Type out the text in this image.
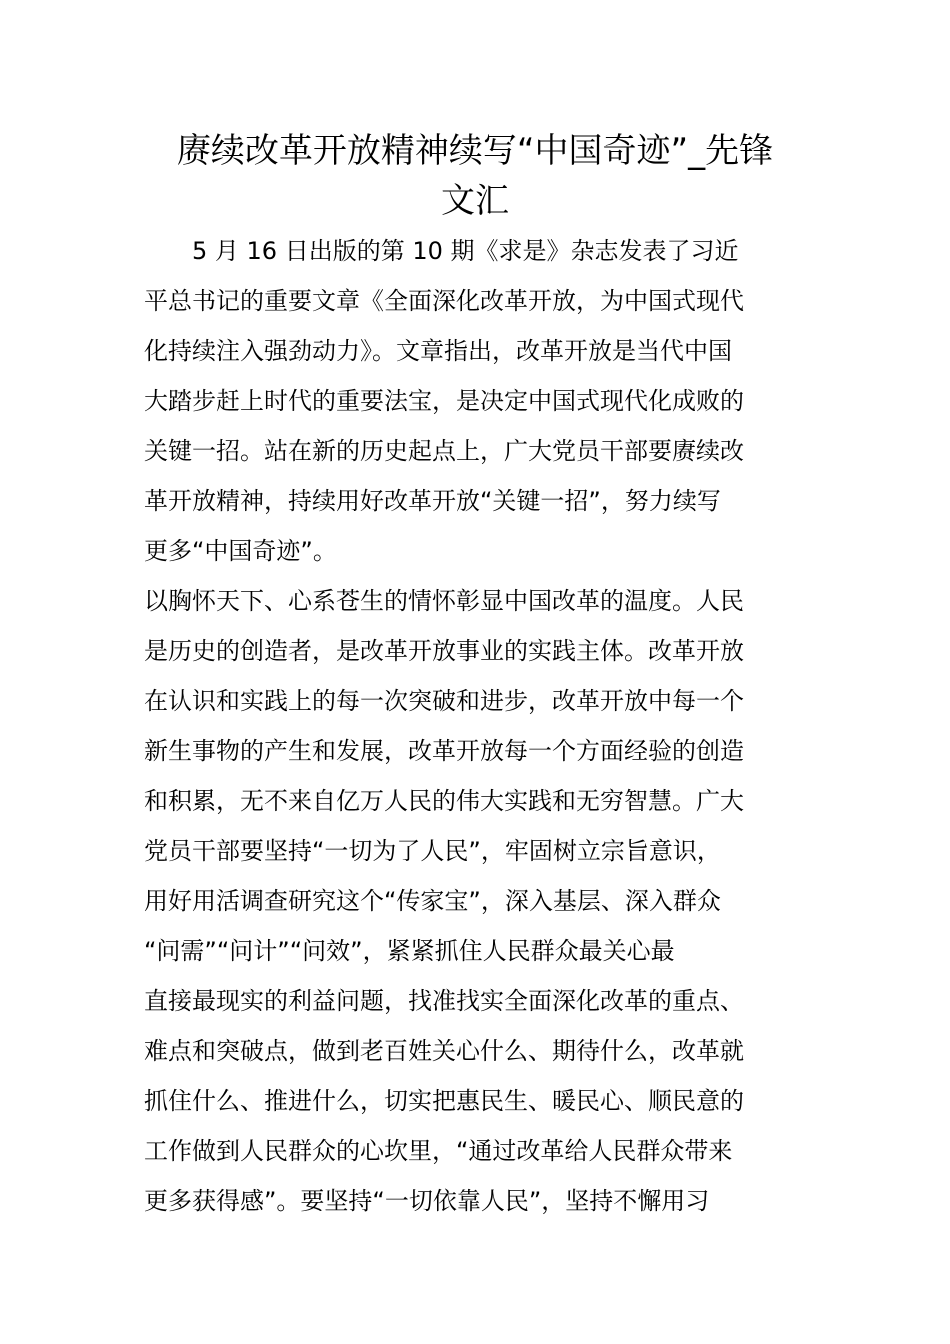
赓续改革开放精神续写“中国奇迹”_先锋
文汇

　　5 月 16 日出版的第 10 期《求是》杂志发表了习近

平总书记的重要文章《全面深化改革开放，为中国式现代

化持续注入强劲动力》。文章指出，改革开放是当代中国

大踏步赶上时代的重要法宝，是决定中国式现代化成败的

关键一招。站在新的历史起点上，广大党员干部要赓续改

革开放精神，持续用好改革开放“关键一招”，努力续写

更多“中国奇迹”。

以胸怀天下、心系苍生的情怀彰显中国改革的温度。人民

是历史的创造者，是改革开放事业的实践主体。改革开放

在认识和实践上的每一次突破和进步，改革开放中每一个

新生事物的产生和发展，改革开放每一个方面经验的创造

和积累，无不来自亿万人民的伟大实践和无穷智慧。广大

党员干部要坚持“一切为了人民”，牢固树立宗旨意识，

用好用活调查研究这个“传家宝”，深入基层、深入群众

“问需”“问计”“问效”，紧紧抓住人民群众最关心最

直接最现实的利益问题，找准找实全面深化改革的重点、

难点和突破点，做到老百姓关心什么、期待什么，改革就

抓住什么、推进什么，切实把惠民生、暖民心、顺民意的

工作做到人民群众的心坎里，“通过改革给人民群众带来

更多获得感”。要坚持“一切依靠人民”，坚持不懈用习
